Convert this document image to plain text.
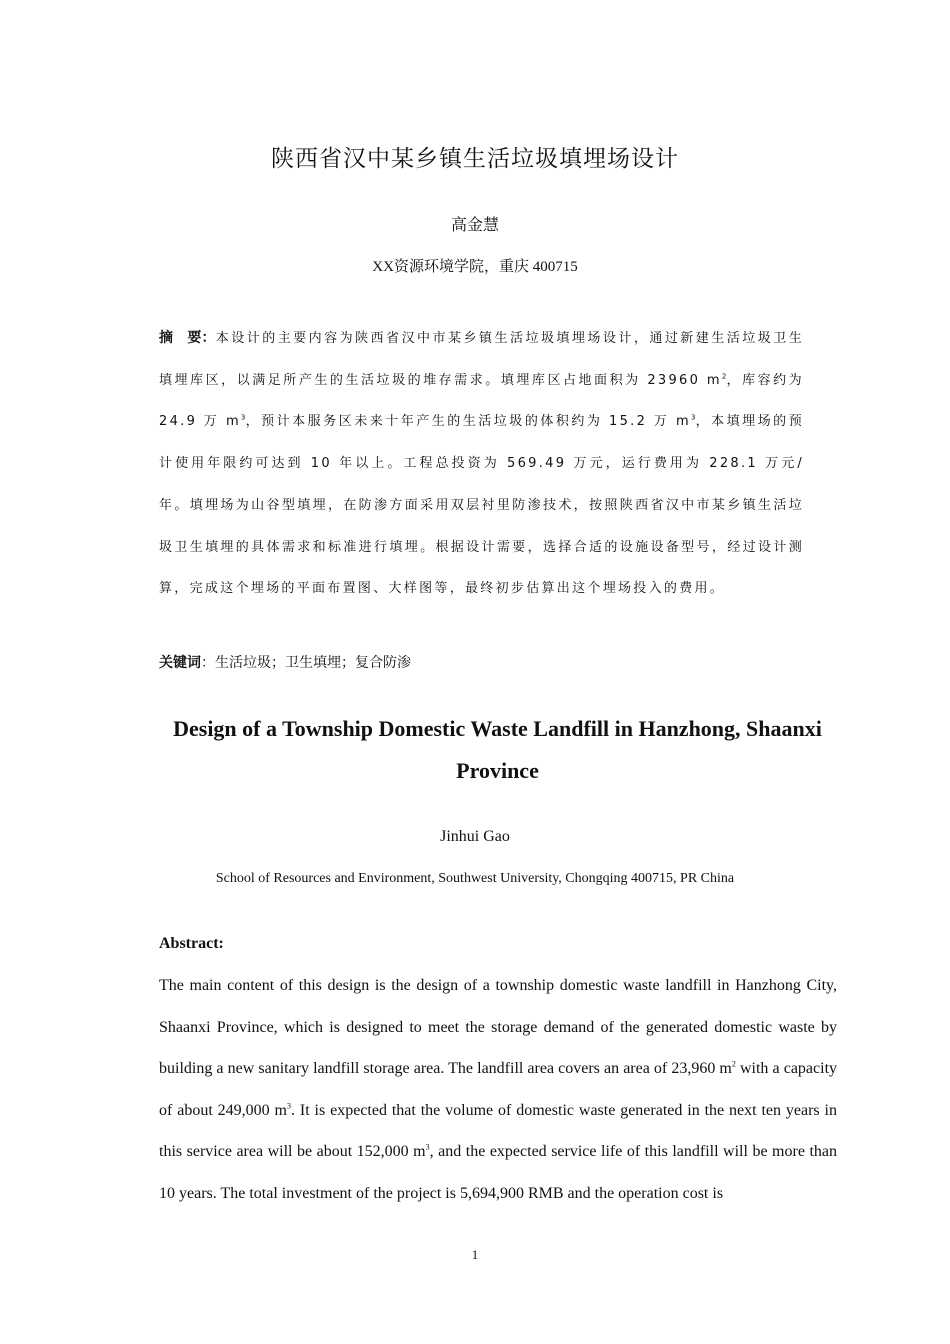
陕西省汉中某乡镇生活垃圾填埋场设计
高金慧
XX资源环境学院，重庆 400715

摘　要：本设计的主要内容为陕西省汉中市某乡镇生活垃圾填埋场设计，通过新建生活垃圾卫生填埋库区，以满足所产生的生活垃圾的堆存需求。填埋库区占地面积为 23960 $m^2$，库容约为 24.9 万 $m^3$，预计本服务区未来十年产生的生活垃圾的体积约为 15.2 万 $m^3$，本填埋场的预计使用年限约可达到 10 年以上。工程总投资为 569.49 万元，运行费用为 228.1 万元/年。填埋场为山谷型填埋，在防渗方面采用双层衬里防渗技术，按照陕西省汉中市某乡镇生活垃圾卫生填埋的具体需求和标准进行填埋。根据设计需要，选择合适的设施设备型号，经过设计测算，完成这个埋场的平面布置图、大样图等，最终初步估算出这个埋场投入的费用。

关键词：生活垃圾；卫生填埋；复合防渗

Design of a Township Domestic Waste Landfill in Hanzhong, Shaanxi Province
Jinhui Gao
School of Resources and Environment, Southwest University, Chongqing 400715, PR China
Abstract:

The main content of this design is the design of a township domestic waste landfill in Hanzhong City, Shaanxi Province, which is designed to meet the storage demand of the generated domestic waste by building a new sanitary landfill storage area. The landfill area covers an area of 23,960 $m^2$ with a capacity of about 249,000 $m^3$. It is expected that the volume of domestic waste generated in the next ten years in this service area will be about 152,000 $m^3$, and the expected service life of this landfill will be more than 10 years. The total investment of the project is 5,694,900 RMB and the operation cost is

1
